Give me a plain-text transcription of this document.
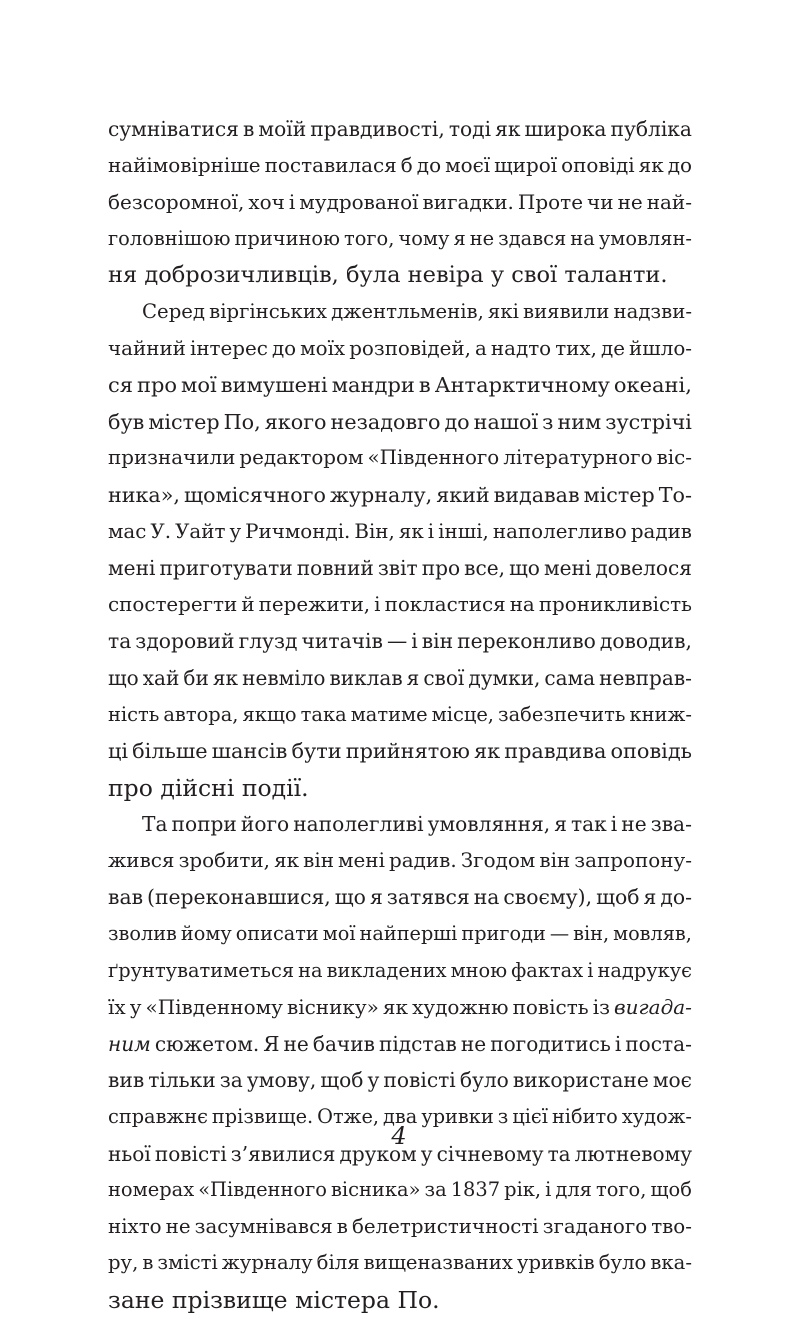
сумніватися в моїй правдивості, тоді як широка публіка
найімовірніше поставилася б до моєї щирої оповіді як до
безсоромної, хоч і мудрованої вигадки. Проте чи не най-
головнішою причиною того, чому я не здався на умовлян-
ня доброзичливців, була невіра у свої таланти.
Серед віргінських джентльменів, які виявили надзви-
чайний інтерес до моїх розповідей, а надто тих, де йшло-
ся про мої вимушені мандри в Антарктичному океані,
був містер По, якого незадовго до нашої з ним зустрічі
призначили редактором «Південного літературного віс-
ника», щомісячного журналу, який видавав містер То-
мас У. Уайт у Ричмонді. Він, як і інші, наполегливо радив
мені приготувати повний звіт про все, що мені довелося
спостерегти й пережити, і покластися на проникливість
та здоровий глузд читачів — і він переконливо доводив,
що хай би як невміло виклав я свої думки, сама невправ-
ність автора, якщо така матиме місце, забезпечить книж-
ці більше шансів бути прийнятою як правдива оповідь
про дійсні події.
Та попри його наполегливі умовляння, я так і не зва-
жився зробити, як він мені радив. Згодом він запропону-
вав (переконавшися, що я затявся на своєму), щоб я до-
зволив йому описати мої найперші пригоди — він, мовляв,
ґрунтуватиметься на викладених мною фактах і надрукує
їх у «Південному віснику» як художню повість із вигада-
ним сюжетом. Я не бачив підстав не погодитись і поста-
вив тільки за умову, щоб у повісті було використане моє
справжнє прізвище. Отже, два уривки з цієї нібито худож-
ньої повісті з’явилися друком у січневому та лютневому
номерах «Південного вісника» за 1837 рік, і для того, щоб
ніхто не засумнівався в белетристичності згаданого тво-
ру, в змісті журналу біля вищеназваних уривків було вка-
зане прізвище містера По.
4
